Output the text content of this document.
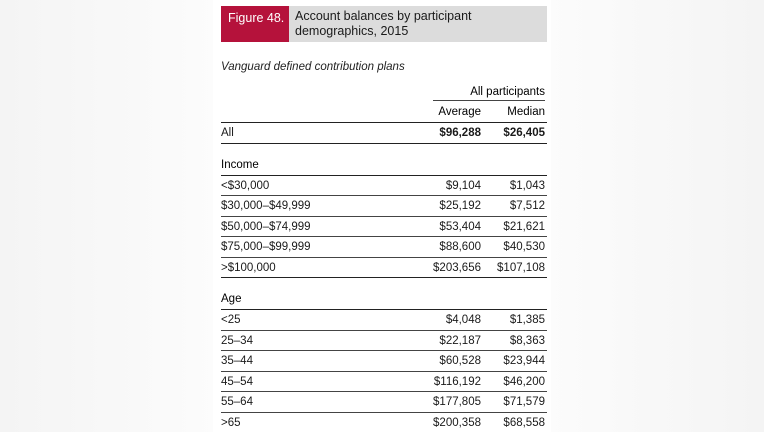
Figure 48. Account balances by participant
demographics, 2015
Vanguard defined contribution plans
All participants
Average Median
All	$96,288 $26,405
Income
<$30,000	$9,104	$1,043
$30,000–$49,999	$25,192	$7,512
$50,000–$74,999	$53,404 $21,621
$75,000–$99,999	$88,600 $40,530
>$100,000	$203,656 $107,108
Age
<25	$4,048	$1,385
25–34	$22,187	$8,363
35–44	$60,528 $23,944
45–54	$116,192 $46,200
55–64	$177,805 $71,579
>65	$200,358 $68,558
